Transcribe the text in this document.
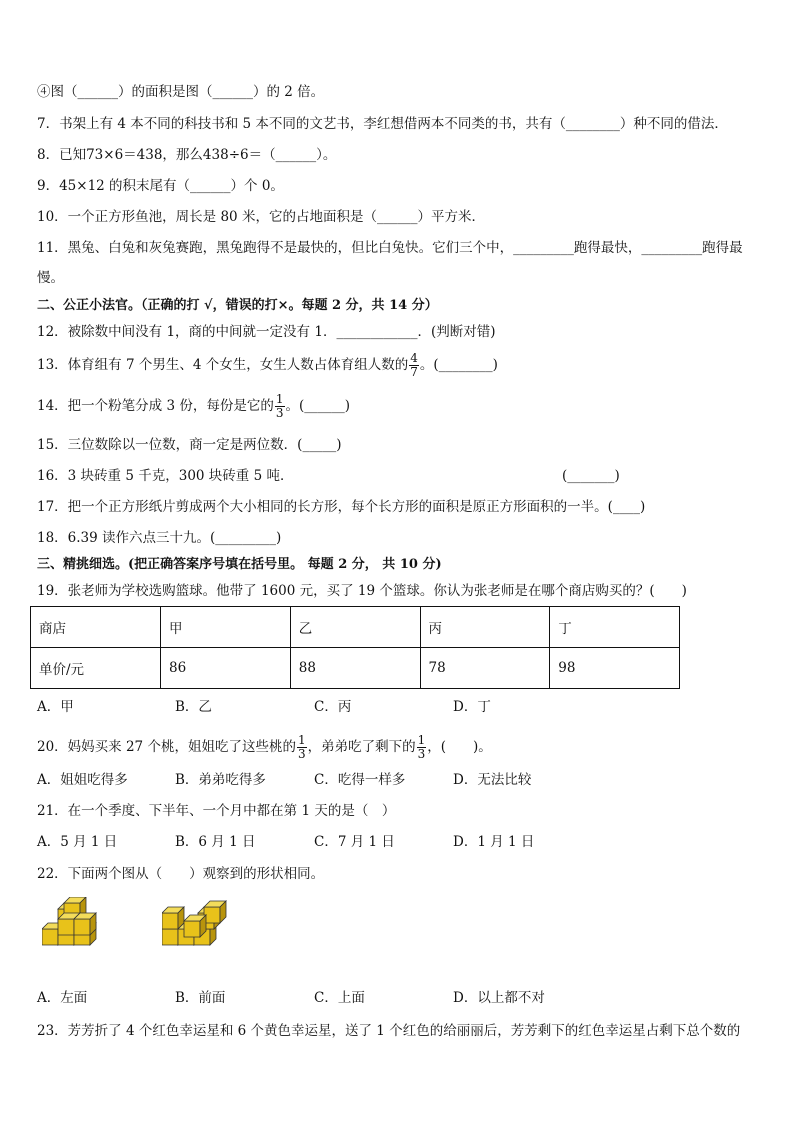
④图（______）的面积是图（______）的 2 倍。
7．书架上有 4 本不同的科技书和 5 本不同的文艺书，李红想借两本不同类的书，共有（________）种不同的借法．
8．已知73×6＝438，那么438÷6＝（______）。
9．45×12 的积末尾有（______）个 0。
10．一个正方形鱼池，周长是 80 米，它的占地面积是（______）平方米．
11．黑兔、白兔和灰兔赛跑，黑兔跑得不是最快的，但比白兔快。它们三个中，_________跑得最快，_________跑得最
慢。
二、公正小法官。（正确的打 √，错误的打×。每题 2 分，共 14 分）
12．被除数中间没有 1，商的中间就一定没有 1．____________．(判断对错)
13．体育组有 7 个男生、4 个女生，女生人数占体育组人数的 $\frac{4}{7}$ 。(________)
14．把一个粉笔分成 3 份，每份是它的 $\frac{1}{3}$ 。(______)
15．三位数除以一位数，商一定是两位数．(_____)
16．3 块砖重 5 千克，300 块砖重 5 吨．	(_______)
17．把一个正方形纸片剪成两个大小相同的长方形，每个长方形的面积是原正方形面积的一半。(____)
18．6.39 读作六点三十九。(_________)
三、精挑细选。(把正确答案序号填在括号里。 每题 2 分， 共 10 分)
19．张老师为学校选购篮球。他带了 1600 元，买了 19 个篮球。你认为张老师是在哪个商店购买的？(　　)
商店	甲	乙	丙	丁
单价/元	86	88	78	98
A．甲	B．乙	C．丙	D．丁
20．妈妈买来 27 个桃，姐姐吃了这些桃的 $\frac{1}{3}$ ，弟弟吃了剩下的 $\frac{1}{3}$ ，(　　)。
A．姐姐吃得多	B．弟弟吃得多	C．吃得一样多	D．无法比较
21．在一个季度、下半年、一个月中都在第 1 天的是（　）
A．5 月 1 日	B．6 月 1 日	C．7 月 1 日	D．1 月 1 日
22．下面两个图从（　　）观察到的形状相同。
A．左面	B．前面	C．上面	D．以上都不对
23．芳芳折了 4 个红色幸运星和 6 个黄色幸运星，送了 1 个红色的给丽丽后，芳芳剩下的红色幸运星占剩下总个数的
